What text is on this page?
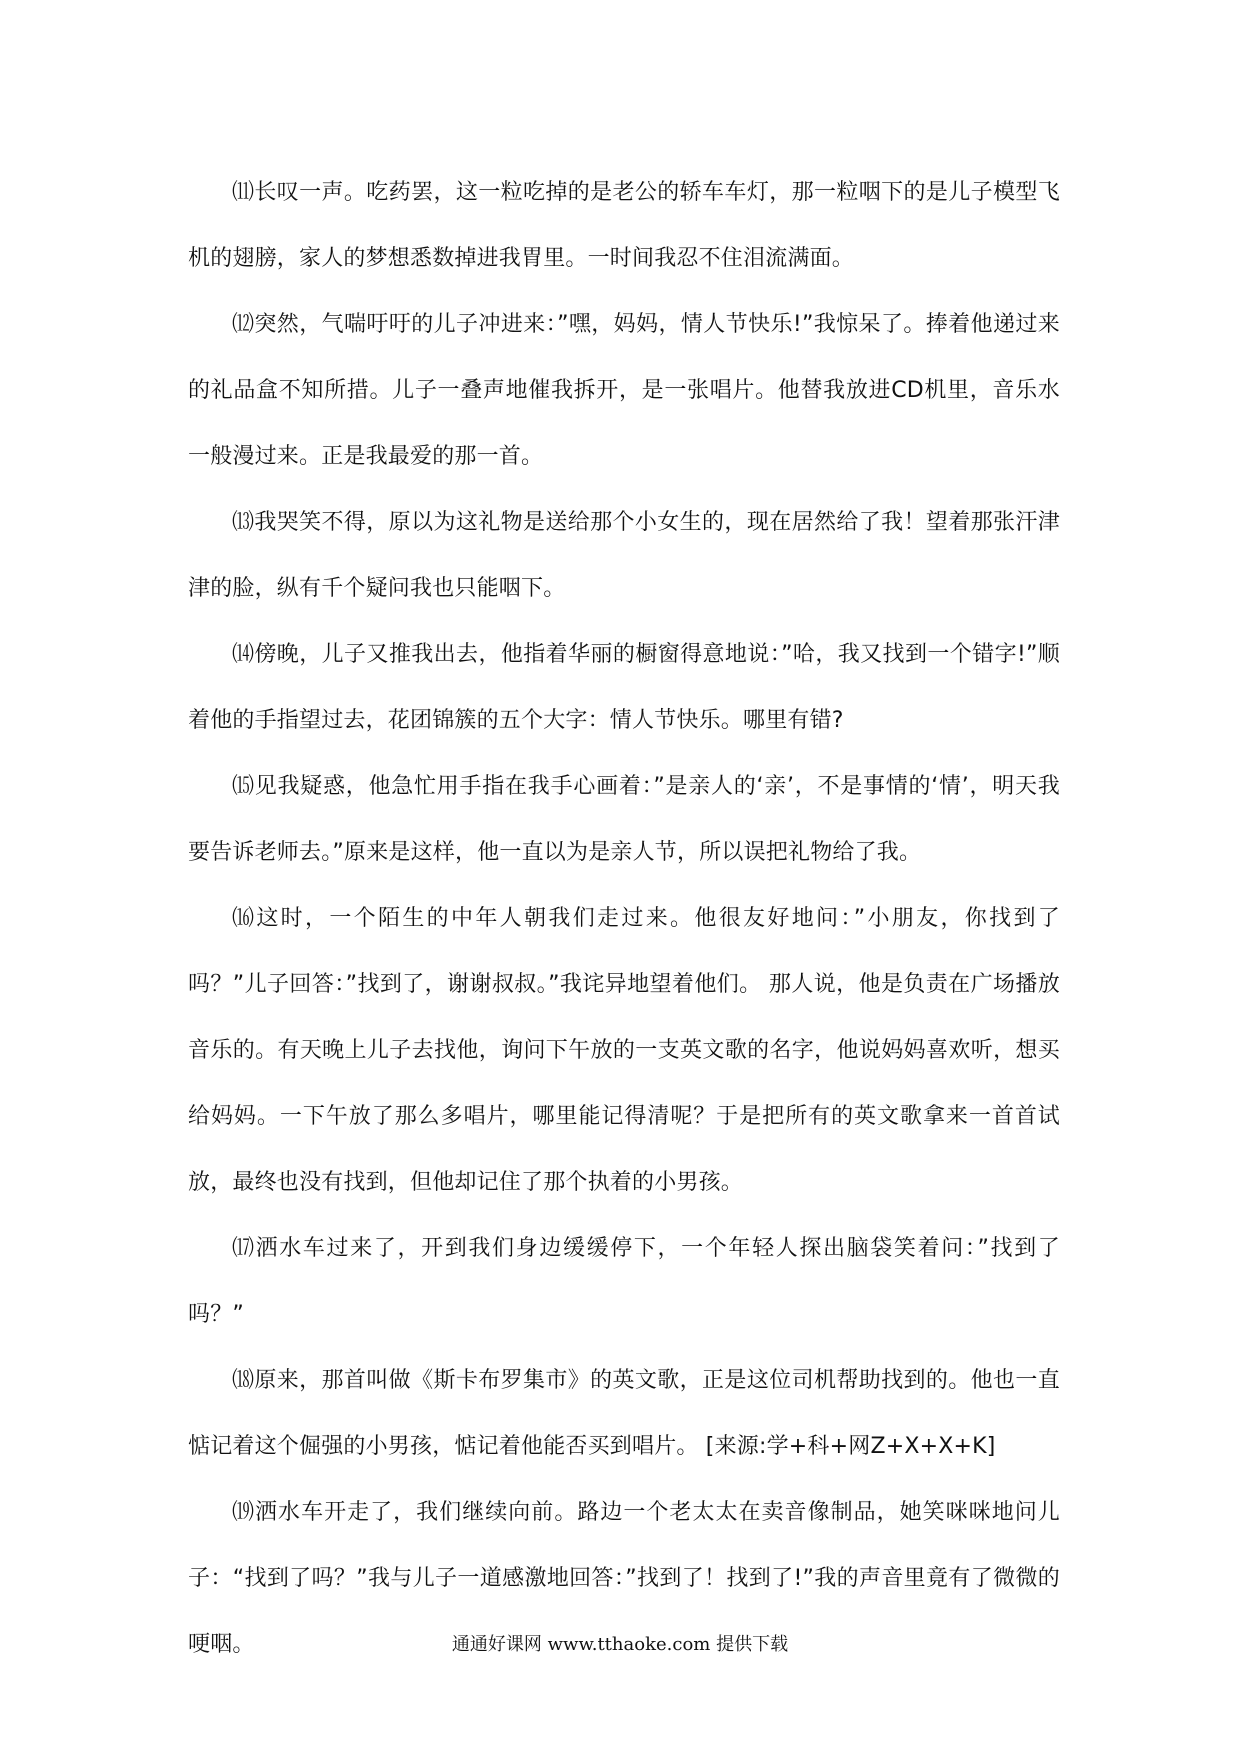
⑾长叹一声。吃药罢，这一粒吃掉的是老公的轿车车灯，那一粒咽下的是儿子模型飞机的翅膀，家人的梦想悉数掉进我胃里。一时间我忍不住泪流满面。

⑿突然，气喘吁吁的儿子冲进来：”嘿，妈妈，情人节快乐!”我惊呆了。捧着他递过来的礼品盒不知所措。儿子一叠声地催我拆开，是一张唱片。他替我放进CD机里，音乐水一般漫过来。正是我最爱的那一首。

⒀我哭笑不得，原以为这礼物是送给那个小女生的，现在居然给了我！望着那张汗津津的脸，纵有千个疑问我也只能咽下。

⒁傍晚，儿子又推我出去，他指着华丽的橱窗得意地说：”哈，我又找到一个错字!”顺着他的手指望过去，花团锦簇的五个大字：情人节快乐。哪里有错?

⒂见我疑惑，他急忙用手指在我手心画着：”是亲人的‘亲’，不是事情的‘情’，明天我要告诉老师去。”原来是这样，他一直以为是亲人节，所以误把礼物给了我。

⒃这时，一个陌生的中年人朝我们走过来。他很友好地问：”小朋友，你找到了吗？”儿子回答：”找到了，谢谢叔叔。”我诧异地望着他们。 那人说，他是负责在广场播放音乐的。有天晚上儿子去找他，询问下午放的一支英文歌的名字，他说妈妈喜欢听，想买给妈妈。一下午放了那么多唱片，哪里能记得清呢？于是把所有的英文歌拿来一首首试放，最终也没有找到，但他却记住了那个执着的小男孩。

⒄洒水车过来了，开到我们身边缓缓停下，一个年轻人探出脑袋笑着问：”找到了吗？”

⒅原来，那首叫做《斯卡布罗集市》的英文歌，正是这位司机帮助找到的。他也一直惦记着这个倔强的小男孩，惦记着他能否买到唱片。 [来源:学+科+网Z+X+X+K]

⒆洒水车开走了，我们继续向前。路边一个老太太在卖音像制品，她笑咪咪地问儿子：“找到了吗？”我与儿子一道感激地回答：”找到了！找到了!”我的声音里竟有了微微的哽咽。	通通好课网 www.tthaoke.com 提供下载
